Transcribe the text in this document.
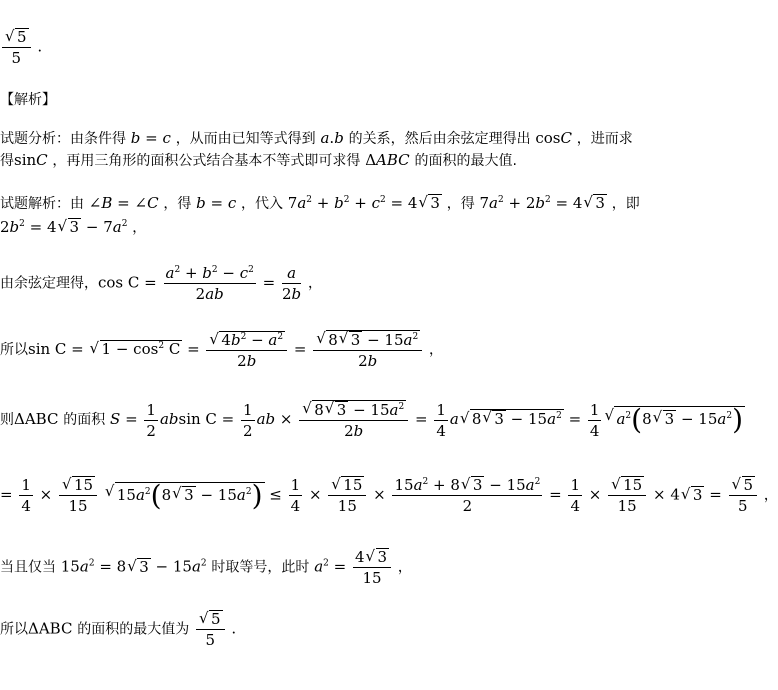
√ $\frac{5}{5}$ .
【解析】
试题分析：由条件得 b = c ，从而由已知等式得到 a.b 的关系，然后由余弦定理得出 cosC ，进而求
得sinC ，再用三角形的面积公式结合基本不等式即可求得 ΔABC 的面积的最大值.
试题解析：由 ∠B = ∠C ，得 b = c ，代入 $7a^2 + b^2 + c^2 = 4√$ 3 ，得 $7a^2 + 2b^2 = 4√$ 3 ，即
$2b^2 = 4√$ $3 - 7a^2$ ，
由余弦定理得，$\cos C = \frac{a^2 + b^2 - c^2}{2ab} = \frac{a}{2b}$ ，
所以sin C = √ $1 - \cos^2 C$ =
√ $\frac{4b^2 - a^2}{2b}$ =
√ $\frac{8√ 3 - 15a^2}{2b}$ ，
则ΔABC 的面积 $S = \frac{1}{2}$ absin $C = \frac{1}{2}$ ab ×
√ $\frac{8√ 3 - 15a^2}{2b} = \frac{1}{4} a√$ 8√ $3 - 15a^2 = \frac{1}{4}$
√ $a^2(8√$ $3 - 15a^2$)
= $\frac{1}{4}$ ×
√ $\frac{15}{15}$
√ $15a^2(8√$ $3 - 15a^2) \le \frac{1}{4}$ ×
√ $\frac{15}{15} \times \frac{15a^2 + 8√ 3 - 15a^2}{2} = \frac{1}{4}$ ×
√ $\frac{15}{15} \times 4√$ 3 =
√ $\frac{5}{5}$ ，
当且仅当 $15a^2 = 8√$ $3 - 15a^2$ 时取等号，此时 $a^2 = \frac{4√ 3}{15}$ ，
所以ΔABC 的面积的最大值为
√ $\frac{5}{5}$ .
